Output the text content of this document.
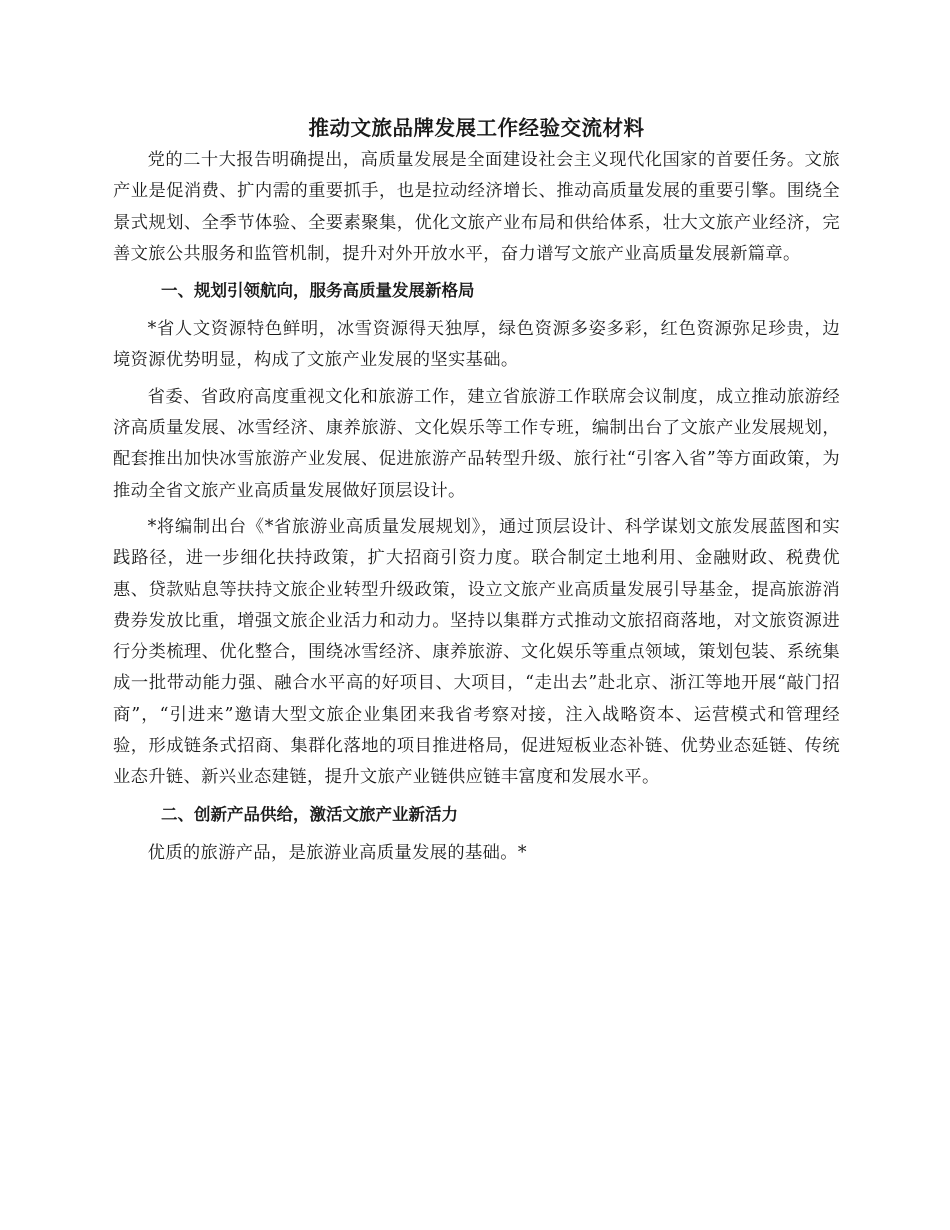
推动文旅品牌发展工作经验交流材料

党的二十大报告明确提出，高质量发展是全面建设社会主义现代化国家的首要任务。文旅产业是促消费、扩内需的重要抓手，也是拉动经济增长、推动高质量发展的重要引擎。围绕全景式规划、全季节体验、全要素聚集，优化文旅产业布局和供给体系，壮大文旅产业经济，完善文旅公共服务和监管机制，提升对外开放水平，奋力谱写文旅产业高质量发展新篇章。

一、规划引领航向，服务高质量发展新格局

*省人文资源特色鲜明，冰雪资源得天独厚，绿色资源多姿多彩，红色资源弥足珍贵，边境资源优势明显，构成了文旅产业发展的坚实基础。

省委、省政府高度重视文化和旅游工作，建立省旅游工作联席会议制度，成立推动旅游经济高质量发展、冰雪经济、康养旅游、文化娱乐等工作专班，编制出台了文旅产业发展规划，配套推出加快冰雪旅游产业发展、促进旅游产品转型升级、旅行社“引客入省”等方面政策，为推动全省文旅产业高质量发展做好顶层设计。

*将编制出台《*省旅游业高质量发展规划》，通过顶层设计、科学谋划文旅发展蓝图和实践路径，进一步细化扶持政策，扩大招商引资力度。联合制定土地利用、金融财政、税费优惠、贷款贴息等扶持文旅企业转型升级政策，设立文旅产业高质量发展引导基金，提高旅游消费券发放比重，增强文旅企业活力和动力。坚持以集群方式推动文旅招商落地，对文旅资源进行分类梳理、优化整合，围绕冰雪经济、康养旅游、文化娱乐等重点领域，策划包装、系统集成一批带动能力强、融合水平高的好项目、大项目，“走出去”赴北京、浙江等地开展“敲门招商”，“引进来”邀请大型文旅企业集团来我省考察对接，注入战略资本、运营模式和管理经验，形成链条式招商、集群化落地的项目推进格局，促进短板业态补链、优势业态延链、传统业态升链、新兴业态建链，提升文旅产业链供应链丰富度和发展水平。

二、创新产品供给，激活文旅产业新活力

优质的旅游产品，是旅游业高质量发展的基础。*
